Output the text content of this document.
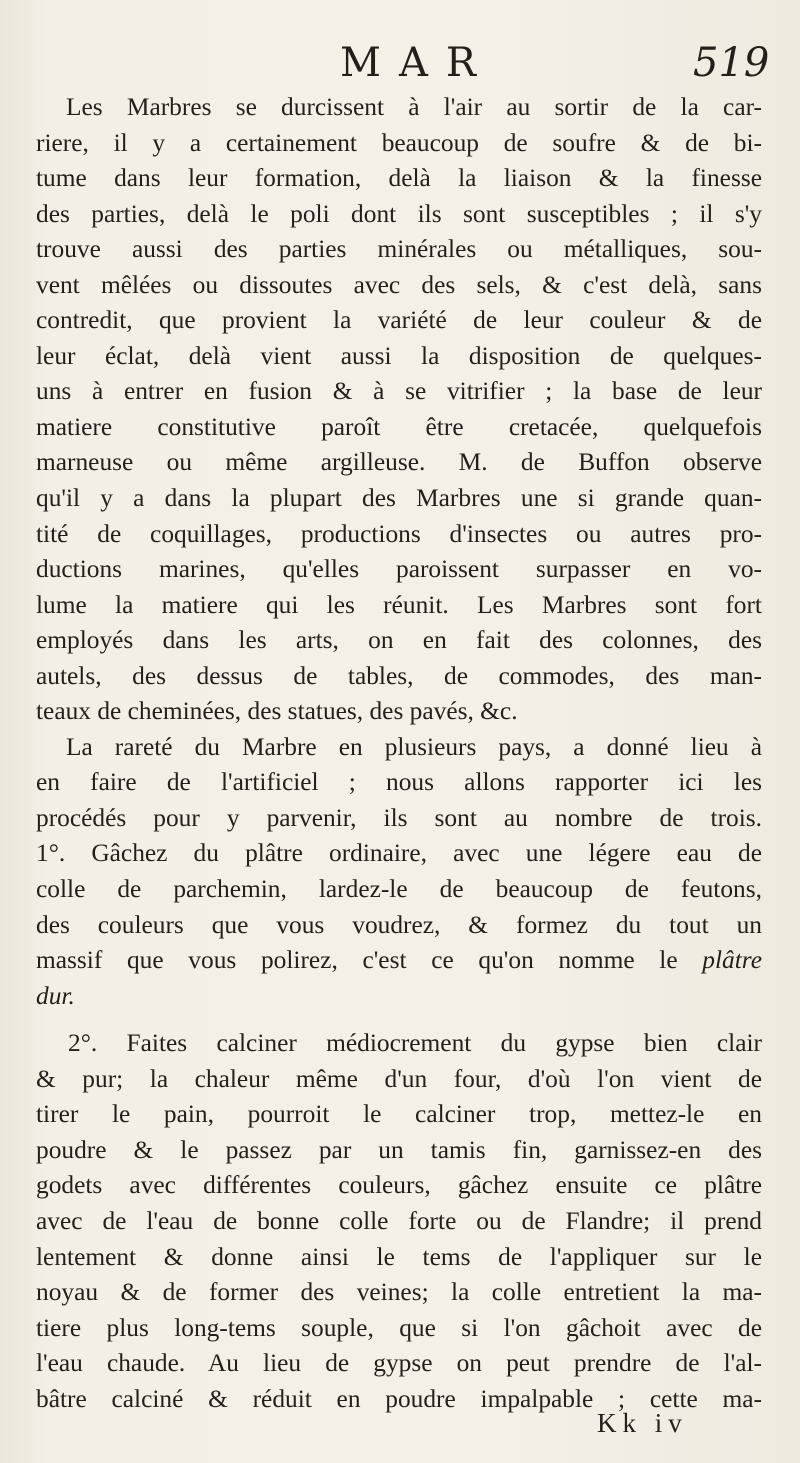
MAR	519
Les Marbres se durcissent à l'air au sortir de la car-
riere, il y a certainement beaucoup de soufre & de bi-
tume dans leur formation, delà la liaison & la finesse
des parties, delà le poli dont ils sont susceptibles ; il s'y
trouve aussi des parties minérales ou métalliques, sou-
vent mêlées ou dissoutes avec des sels, & c'est delà, sans
contredit, que provient la variété de leur couleur & de
leur éclat, delà vient aussi la disposition de quelques-
uns à entrer en fusion & à se vitrifier ; la base de leur
matiere constitutive paroît être cretacée, quelquefois
marneuse ou même argilleuse. M. de Buffon observe
qu'il y a dans la plupart des Marbres une si grande quan-
tité de coquillages, productions d'insectes ou autres pro-
ductions marines, qu'elles paroissent surpasser en vo-
lume la matiere qui les réunit. Les Marbres sont fort
employés dans les arts, on en fait des colonnes, des
autels, des dessus de tables, de commodes, des man-
teaux de cheminées, des statues, des pavés, &c.
La rareté du Marbre en plusieurs pays, a donné lieu à
en faire de l'artificiel ; nous allons rapporter ici les
procédés pour y parvenir, ils sont au nombre de trois.
1°. Gâchez du plâtre ordinaire, avec une légere eau de
colle de parchemin, lardez-le de beaucoup de feutons,
des couleurs que vous voudrez, & formez du tout un
massif que vous polirez, c'est ce qu'on nomme le plâtre
dur.
2°. Faites calciner médiocrement du gypse bien clair
& pur; la chaleur même d'un four, d'où l'on vient de
tirer le pain, pourroit le calciner trop, mettez-le en
poudre & le passez par un tamis fin, garnissez-en des
godets avec différentes couleurs, gâchez ensuite ce plâtre
avec de l'eau de bonne colle forte ou de Flandre; il prend
lentement & donne ainsi le tems de l'appliquer sur le
noyau & de former des veines; la colle entretient la ma-
tiere plus long-tems souple, que si l'on gâchoit avec de
l'eau chaude. Au lieu de gypse on peut prendre de l'al-
bâtre calciné & réduit en poudre impalpable ; cette ma-
Kk iv
